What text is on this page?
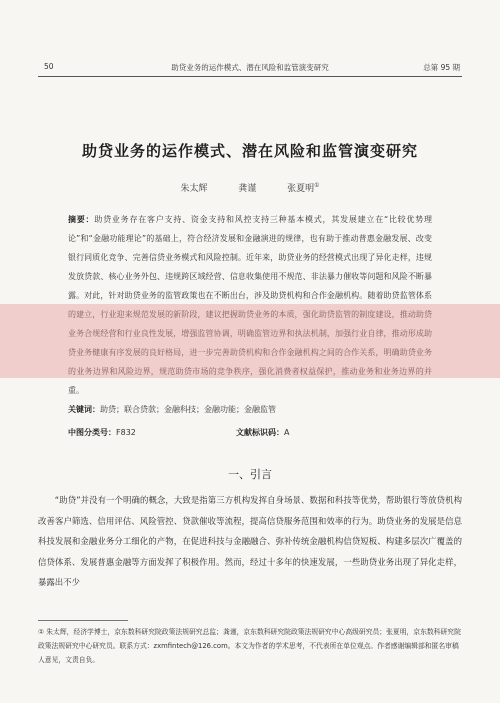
50	助贷业务的运作模式、潜在风险和监管演变研究	总第 95 期
助贷业务的运作模式、潜在风险和监管演变研究
朱太辉 龚谨 张夏明①
摘要：助贷业务存在客户支持、资金支持和风控支持三种基本模式，其发展建立在“比较优势理论”和“金融功能理论”的基础上，符合经济发展和金融演进的规律，也有助于推动普惠金融发展、改变银行同质化竞争、完善信贷业务模式和风险控制。近年来，助贷业务的经营模式出现了异化走样，违规发放贷款、核心业务外包、违规跨区域经营、信息收集使用不规范、非法暴力催收等问题和风险不断暴露。对此，针对助贷业务的监管政策也在不断出台，涉及助贷机构和合作金融机构。随着助贷监管体系的建立，行业迎来规范发展的新阶段，建议把握助贷业务的本质，强化助贷监管的制度建设，推动助贷业务合规经营和行业良性发展，增强监管协调，明确监管边界和执法机制，加强行业自律，推动形成助贷业务健康有序发展的良好格局，进一步完善助贷机构和合作金融机构之间的合作关系，明确助贷业务的业务边界和风险边界，规范助贷市场的竞争秩序，强化消费者权益保护，推动业务和业务边界的并重。
关键词：助贷；联合贷款；金融科技；金融功能；金融监管
中图分类号：F832	文献标识码：A
一、引言
“助贷”并没有一个明确的概念，大致是指第三方机构发挥自身场景、数据和科技等优势，帮助银行等放贷机构改善客户筛选、信用评估、风险管控、贷款催收等流程，提高信贷服务范围和效率的行为。助贷业务的发展是信息科技发展和金融业务分工细化的产物，在促进科技与金融融合、弥补传统金融机构信贷短板、构建多层次广覆盖的信贷体系、发展普惠金融等方面发挥了积极作用。然而，经过十多年的快速发展，一些助贷业务出现了异化走样，暴露出不少
① 朱太辉，经济学博士，京东数科研究院政策法规研究总监；龚谨，京东数科研究院政策法规研究中心高级研究员；张夏明，京东数科研究院政策法规研究中心研究员。联系方式：zxmfintech@126.com。本文为作者的学术思考，不代表所在单位观点。作者感谢编辑部和匿名审稿人意见，文责自负。
